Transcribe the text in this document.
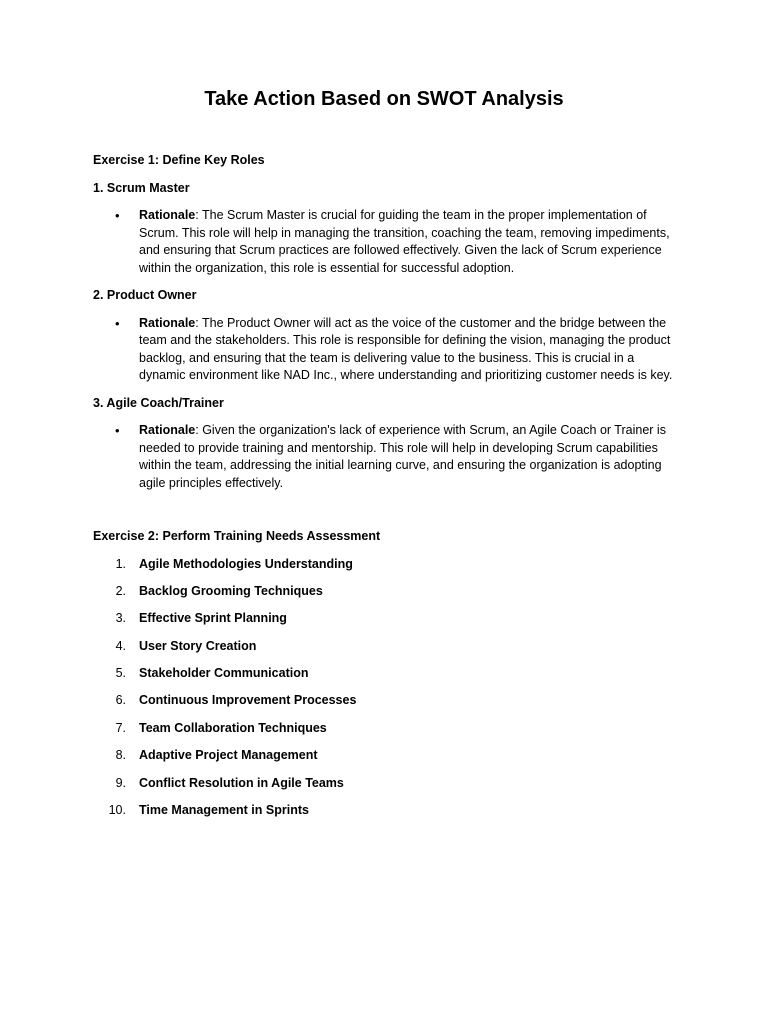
Take Action Based on SWOT Analysis

Exercise 1: Define Key Roles

1. Scrum Master

• Rationale: The Scrum Master is crucial for guiding the team in the proper implementation of Scrum. This role will help in managing the transition, coaching the team, removing impediments, and ensuring that Scrum practices are followed effectively. Given the lack of Scrum experience within the organization, this role is essential for successful adoption.

2. Product Owner

• Rationale: The Product Owner will act as the voice of the customer and the bridge between the team and the stakeholders. This role is responsible for defining the vision, managing the product backlog, and ensuring that the team is delivering value to the business. This is crucial in a dynamic environment like NAD Inc., where understanding and prioritizing customer needs is key.

3. Agile Coach/Trainer

• Rationale: Given the organization's lack of experience with Scrum, an Agile Coach or Trainer is needed to provide training and mentorship. This role will help in developing Scrum capabilities within the team, addressing the initial learning curve, and ensuring the organization is adopting agile principles effectively.

Exercise 2: Perform Training Needs Assessment

1. Agile Methodologies Understanding
2. Backlog Grooming Techniques
3. Effective Sprint Planning
4. User Story Creation
5. Stakeholder Communication
6. Continuous Improvement Processes
7. Team Collaboration Techniques
8. Adaptive Project Management
9. Conflict Resolution in Agile Teams
10. Time Management in Sprints
